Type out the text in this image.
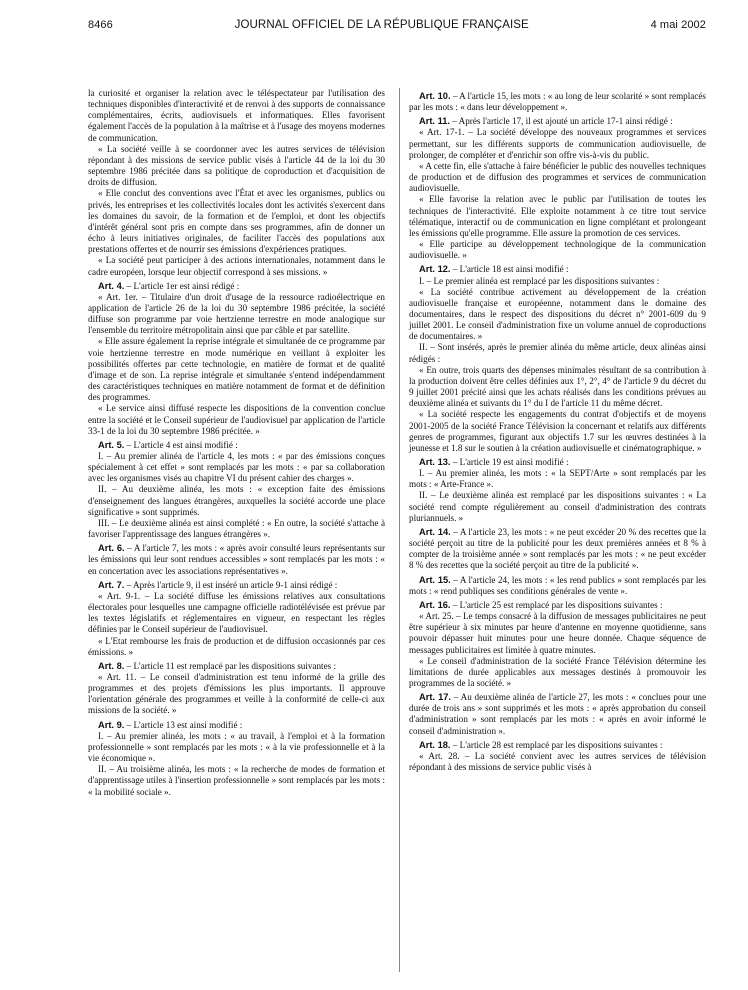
8466	JOURNAL OFFICIEL DE LA RÉPUBLIQUE FRANÇAISE	4 mai 2002

la curiosité et organiser la relation avec le téléspectateur par l'utilisation des techniques disponibles d'interactivité et de renvoi à des supports de connaissance complémentaires, écrits, audiovisuels et informatiques. Elles favorisent également l'accès de la population à la maîtrise et à l'usage des moyens modernes de communication.

« La société veille à se coordonner avec les autres services de télévision répondant à des missions de service public visés à l'article 44 de la loi du 30 septembre 1986 précitée dans sa politique de coproduction et d'acquisition de droits de diffusion.

« Elle conclut des conventions avec l'État et avec les organismes, publics ou privés, les entreprises et les collectivités locales dont les activités s'exercent dans les domaines du savoir, de la formation et de l'emploi, et dont les objectifs d'intérêt général sont pris en compte dans ses programmes, afin de donner un écho à leurs initiatives originales, de faciliter l'accès des populations aux prestations offertes et de nourrir ses émissions d'expériences pratiques.

« La société peut participer à des actions internationales, notamment dans le cadre européen, lorsque leur objectif correspond à ses missions. »

Art. 4. – L'article 1er est ainsi rédigé :

« Art. 1er. – Titulaire d'un droit d'usage de la ressource radioélectrique en application de l'article 26 de la loi du 30 septembre 1986 précitée, la société diffuse son programme par voie hertzienne terrestre en mode analogique sur l'ensemble du territoire métropolitain ainsi que par câble et par satellite.

« Elle assure également la reprise intégrale et simultanée de ce programme par voie hertzienne terrestre en mode numérique en veillant à exploiter les possibilités offertes par cette technologie, en matière de format et de qualité d'image et de son. La reprise intégrale et simultanée s'entend indépendamment des caractéristiques techniques en matière notamment de format et de définition des programmes.

« Le service ainsi diffusé respecte les dispositions de la convention conclue entre la société et le Conseil supérieur de l'audiovisuel par application de l'article 33-1 de la loi du 30 septembre 1986 précitée. »

Art. 5. – L'article 4 est ainsi modifié :

I. – Au premier alinéa de l'article 4, les mots : « par des émissions conçues spécialement à cet effet » sont remplacés par les mots : « par sa collaboration avec les organismes visés au chapitre VI du présent cahier des charges ».

II. – Au deuxième alinéa, les mots : « exception faite des émissions d'enseignement des langues étrangères, auxquelles la société accorde une place significative » sont supprimés.

III. – Le deuxième alinéa est ainsi complété : « En outre, la société s'attache à favoriser l'apprentissage des langues étrangères ».

Art. 6. – A l'article 7, les mots : « après avoir consulté leurs représentants sur les émissions qui leur sont rendues accessibles » sont remplacés par les mots : « en concertation avec les associations représentatives ».

Art. 7. – Après l'article 9, il est inséré un article 9-1 ainsi rédigé :

« Art. 9-1. – La société diffuse les émissions relatives aux consultations électorales pour lesquelles une campagne officielle radiotélévisée est prévue par les textes législatifs et réglementaires en vigueur, en respectant les règles définies par le Conseil supérieur de l'audiovisuel.

« L'Etat rembourse les frais de production et de diffusion occasionnés par ces émissions. »

Art. 8. – L'article 11 est remplacé par les dispositions suivantes :

« Art. 11. – Le conseil d'administration est tenu informé de la grille des programmes et des projets d'émissions les plus importants. Il approuve l'orientation générale des programmes et veille à la conformité de celle-ci aux missions de la société. »

Art. 9. – L'article 13 est ainsi modifié :

I. – Au premier alinéa, les mots : « au travail, à l'emploi et à la formation professionnelle » sont remplacés par les mots : « à la vie professionnelle et à la vie économique ».

II. – Au troisième alinéa, les mots : « la recherche de modes de formation et d'apprentissage utiles à l'insertion professionnelle » sont remplacés par les mots : « la mobilité sociale ».

Art. 10. – A l'article 15, les mots : « au long de leur scolarité » sont remplacés par les mots : « dans leur développement ».

Art. 11. – Après l'article 17, il est ajouté un article 17-1 ainsi rédigé :

« Art. 17-1. – La société développe des nouveaux programmes et services permettant, sur les différents supports de communication audiovisuelle, de prolonger, de compléter et d'enrichir son offre vis-à-vis du public.

« A cette fin, elle s'attache à faire bénéficier le public des nouvelles techniques de production et de diffusion des programmes et services de communication audiovisuelle.

« Elle favorise la relation avec le public par l'utilisation de toutes les techniques de l'interactivité. Elle exploite notamment à ce titre tout service télématique, interactif ou de communication en ligne complétant et prolongeant les émissions qu'elle programme. Elle assure la promotion de ces services.

« Elle participe au développement technologique de la communication audiovisuelle. »

Art. 12. – L'article 18 est ainsi modifié :

I. – Le premier alinéa est remplacé par les dispositions suivantes :

« La société contribue activement au développement de la création audiovisuelle française et européenne, notamment dans le domaine des documentaires, dans le respect des dispositions du décret n° 2001-609 du 9 juillet 2001. Le conseil d'administration fixe un volume annuel de coproductions de documentaires. »

II. – Sont insérés, après le premier alinéa du même article, deux alinéas ainsi rédigés :

« En outre, trois quarts des dépenses minimales résultant de sa contribution à la production doivent être celles définies aux 1°, 2°, 4° de l'article 9 du décret du 9 juillet 2001 précité ainsi que les achats réalisés dans les conditions prévues au deuxième alinéa et suivants du 1° du I de l'article 11 du même décret.

« La société respecte les engagements du contrat d'objectifs et de moyens 2001-2005 de la société France Télévision la concernant et relatifs aux différents genres de programmes, figurant aux objectifs 1.7 sur les œuvres destinées à la jeunesse et 1.8 sur le soutien à la création audiovisuelle et cinématographique. »

Art. 13. – L'article 19 est ainsi modifié :

I. – Au premier alinéa, les mots : « la SEPT/Arte » sont remplacés par les mots : « Arte-France ».

II. – Le deuxième alinéa est remplacé par les dispositions suivantes : « La société rend compte régulièrement au conseil d'administration des contrats pluriannuels. »

Art. 14. – A l'article 23, les mots : « ne peut excéder 20 % des recettes que la société perçoit au titre de la publicité pour les deux premières années et 8 % à compter de la troisième année » sont remplacés par les mots : « ne peut excéder 8 % des recettes que la société perçoit au titre de la publicité ».

Art. 15. – A l'article 24, les mots : « les rend publics » sont remplacés par les mots : « rend publiques ses conditions générales de vente ».

Art. 16. – L'article 25 est remplacé par les dispositions suivantes :

« Art. 25. – Le temps consacré à la diffusion de messages publicitaires ne peut être supérieur à six minutes par heure d'antenne en moyenne quotidienne, sans pouvoir dépasser huit minutes pour une heure donnée. Chaque séquence de messages publicitaires est limitée à quatre minutes.

« Le conseil d'administration de la société France Télévision détermine les limitations de durée applicables aux messages destinés à promouvoir les programmes de la société. »

Art. 17. – Au deuxième alinéa de l'article 27, les mots : « conclues pour une durée de trois ans » sont supprimés et les mots : « après approbation du conseil d'administration » sont remplacés par les mots : « après en avoir informé le conseil d'administration ».

Art. 18. – L'article 28 est remplacé par les dispositions suivantes :

« Art. 28. – La société convient avec les autres services de télévision répondant à des missions de service public visés à
